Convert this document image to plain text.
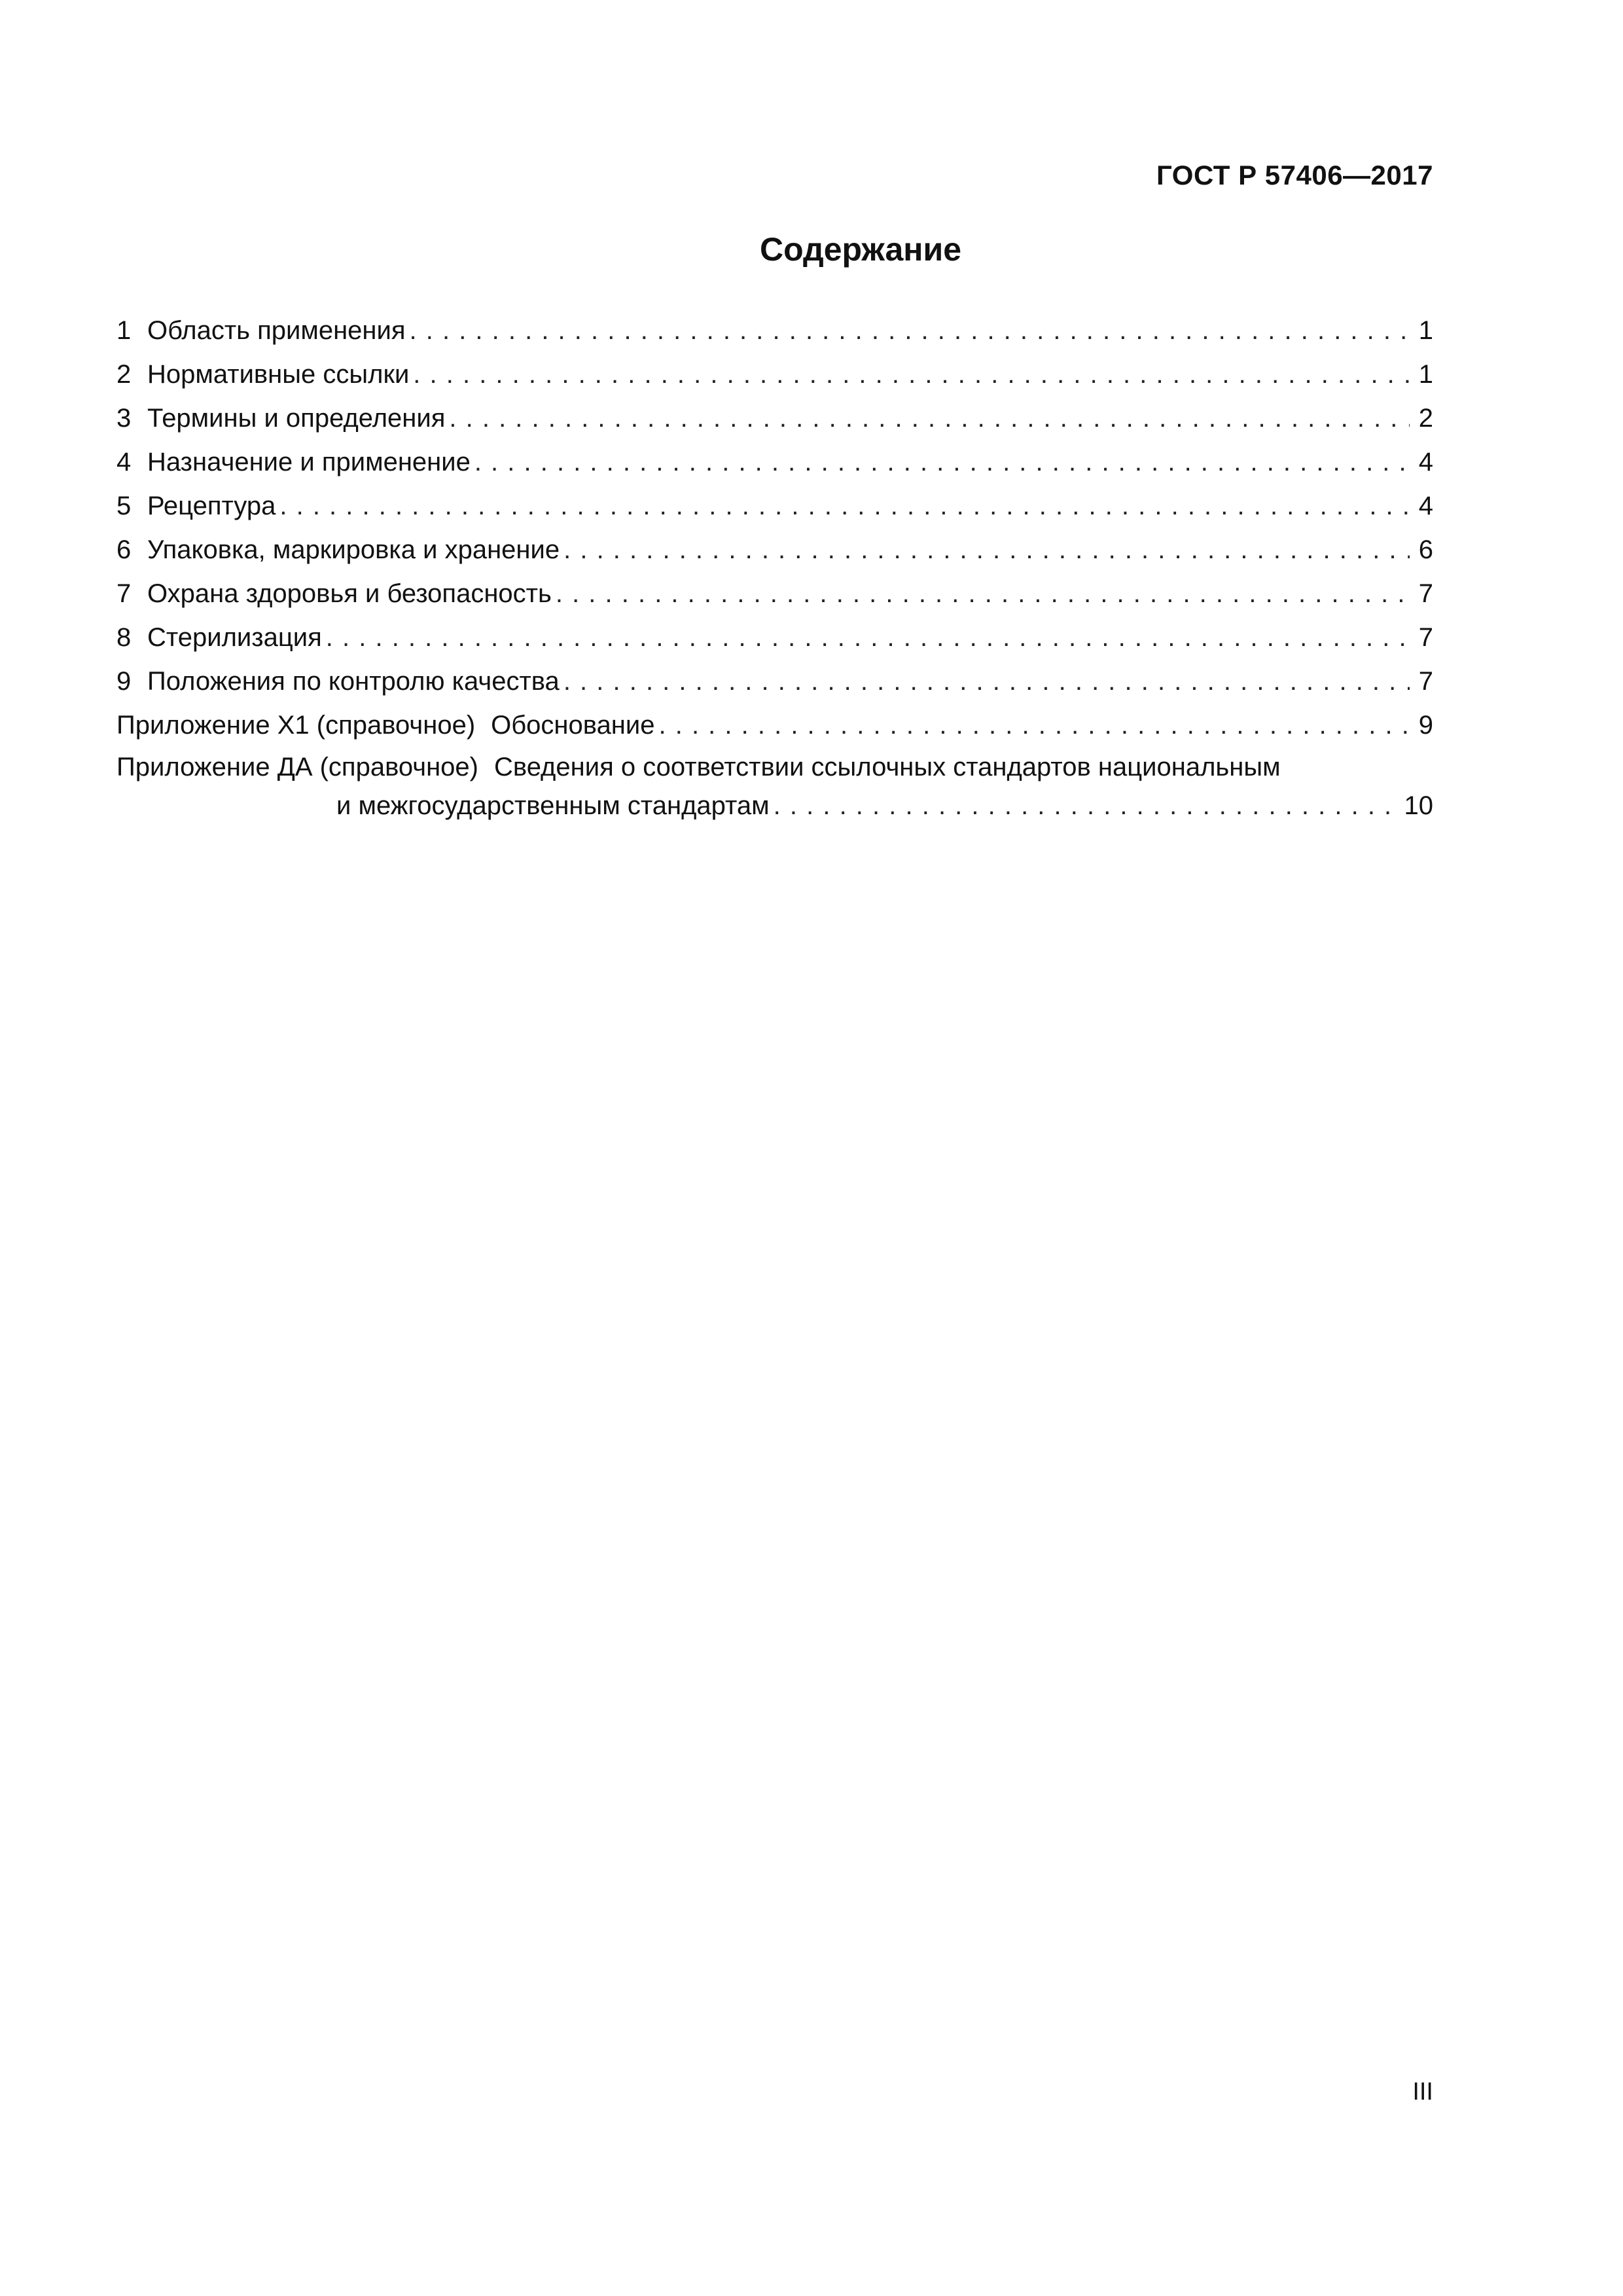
ГОСТ Р 57406—2017
Содержание
1 Область применения . . .	1
2 Нормативные ссылки . . .	1
3 Термины и определения . . .	2
4 Назначение и применение . . .	4
5 Рецептура . . .	4
6 Упаковка, маркировка и хранение . . .	6
7 Охрана здоровья и безопасность . . .	7
8 Стерилизация . . .	7
9 Положения по контролю качества . . .	7
Приложение Х1 (справочное) Обоснование . . .	9
Приложение ДА (справочное) Сведения о соответствии ссылочных стандартов национальным
и межгосударственным стандартам . . .	10
III
